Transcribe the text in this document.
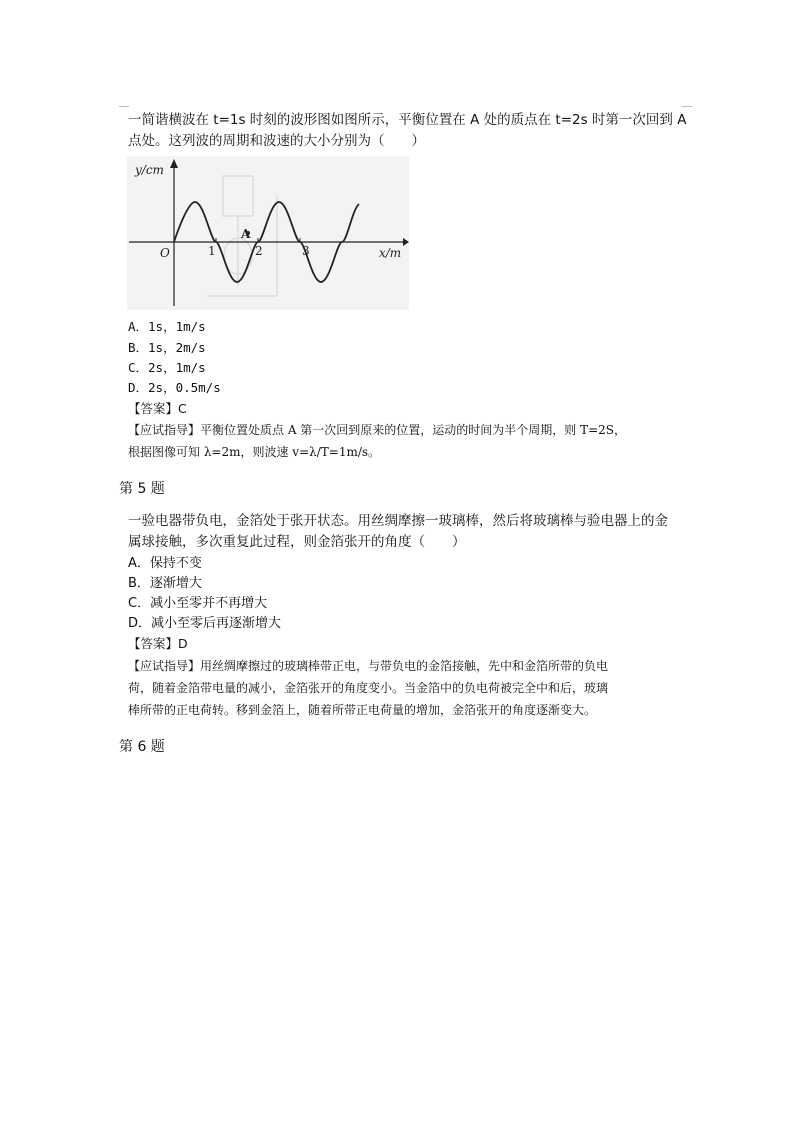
一简谐横波在 t=1s 时刻的波形图如图所示，平衡位置在 A 处的质点在 t=2s 时第一次回到 A
点处。这列波的周期和波速的大小分别为（　　）
y/cm
x/m
O	1	2	3
A
A．1s，1m/s
B．1s，2m/s
C．2s，1m/s
D．2s，0.5m/s
【答案】C
【应试指导】平衡位置处质点 A 第一次回到原来的位置，运动的时间为半个周期，则 T=2S，
根据图像可知 λ=2m，则波速 v=λ/T=1m/s。
第 5 题
一验电器带负电，金箔处于张开状态。用丝绸摩擦一玻璃棒，然后将玻璃棒与验电器上的金
属球接触，多次重复此过程，则金箔张开的角度（　　）
A．保持不变
B．逐渐增大
C．减小至零并不再增大
D．减小至零后再逐渐增大
【答案】D
【应试指导】用丝绸摩擦过的玻璃棒带正电，与带负电的金箔接触，先中和金箔所带的负电
荷，随着金箔带电量的减小，金箔张开的角度变小。当金箔中的负电荷被完全中和后，玻璃
棒所带的正电荷转。移到金箔上，随着所带正电荷量的增加，金箔张开的角度逐渐变大。
第 6 题
